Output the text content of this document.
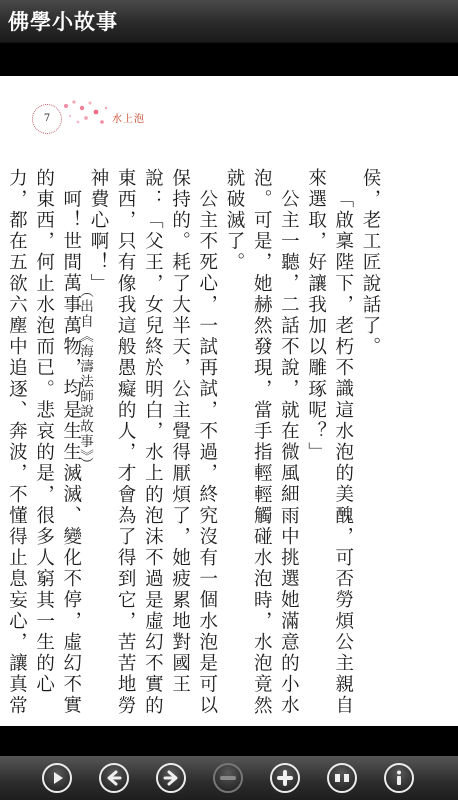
佛學小故事
7	水上泡

侯，老工匠說話了。

「啟稟陛下，老朽不識這水泡的美醜，可否勞煩公主親自來選取，好讓我加以雕琢呢？」

公主一聽，二話不說，就在微風細雨中挑選她滿意的小水泡。可是，她赫然發現，當手指輕輕觸碰水泡時，水泡竟然就破滅了。

公主不死心，一試再試，不過，終究沒有一個水泡是可以保持的。耗了大半天，公主覺得厭煩了，她疲累地對國王說：「父王，女兒終於明白，水上的泡沫不過是虛幻不實的東西，只有像我這般愚癡的人，才會為了得到它，苦苦地勞神費心啊！」

呵！世間萬事萬物，均是生生滅滅、變化不停，虛幻不實的東西，何止水泡而已。悲哀的是，很多人窮其一生的心力，都在五欲六塵中追逐、奔波，不懂得止息妄心，讓真常

（出自《海濤法師說故事》）
